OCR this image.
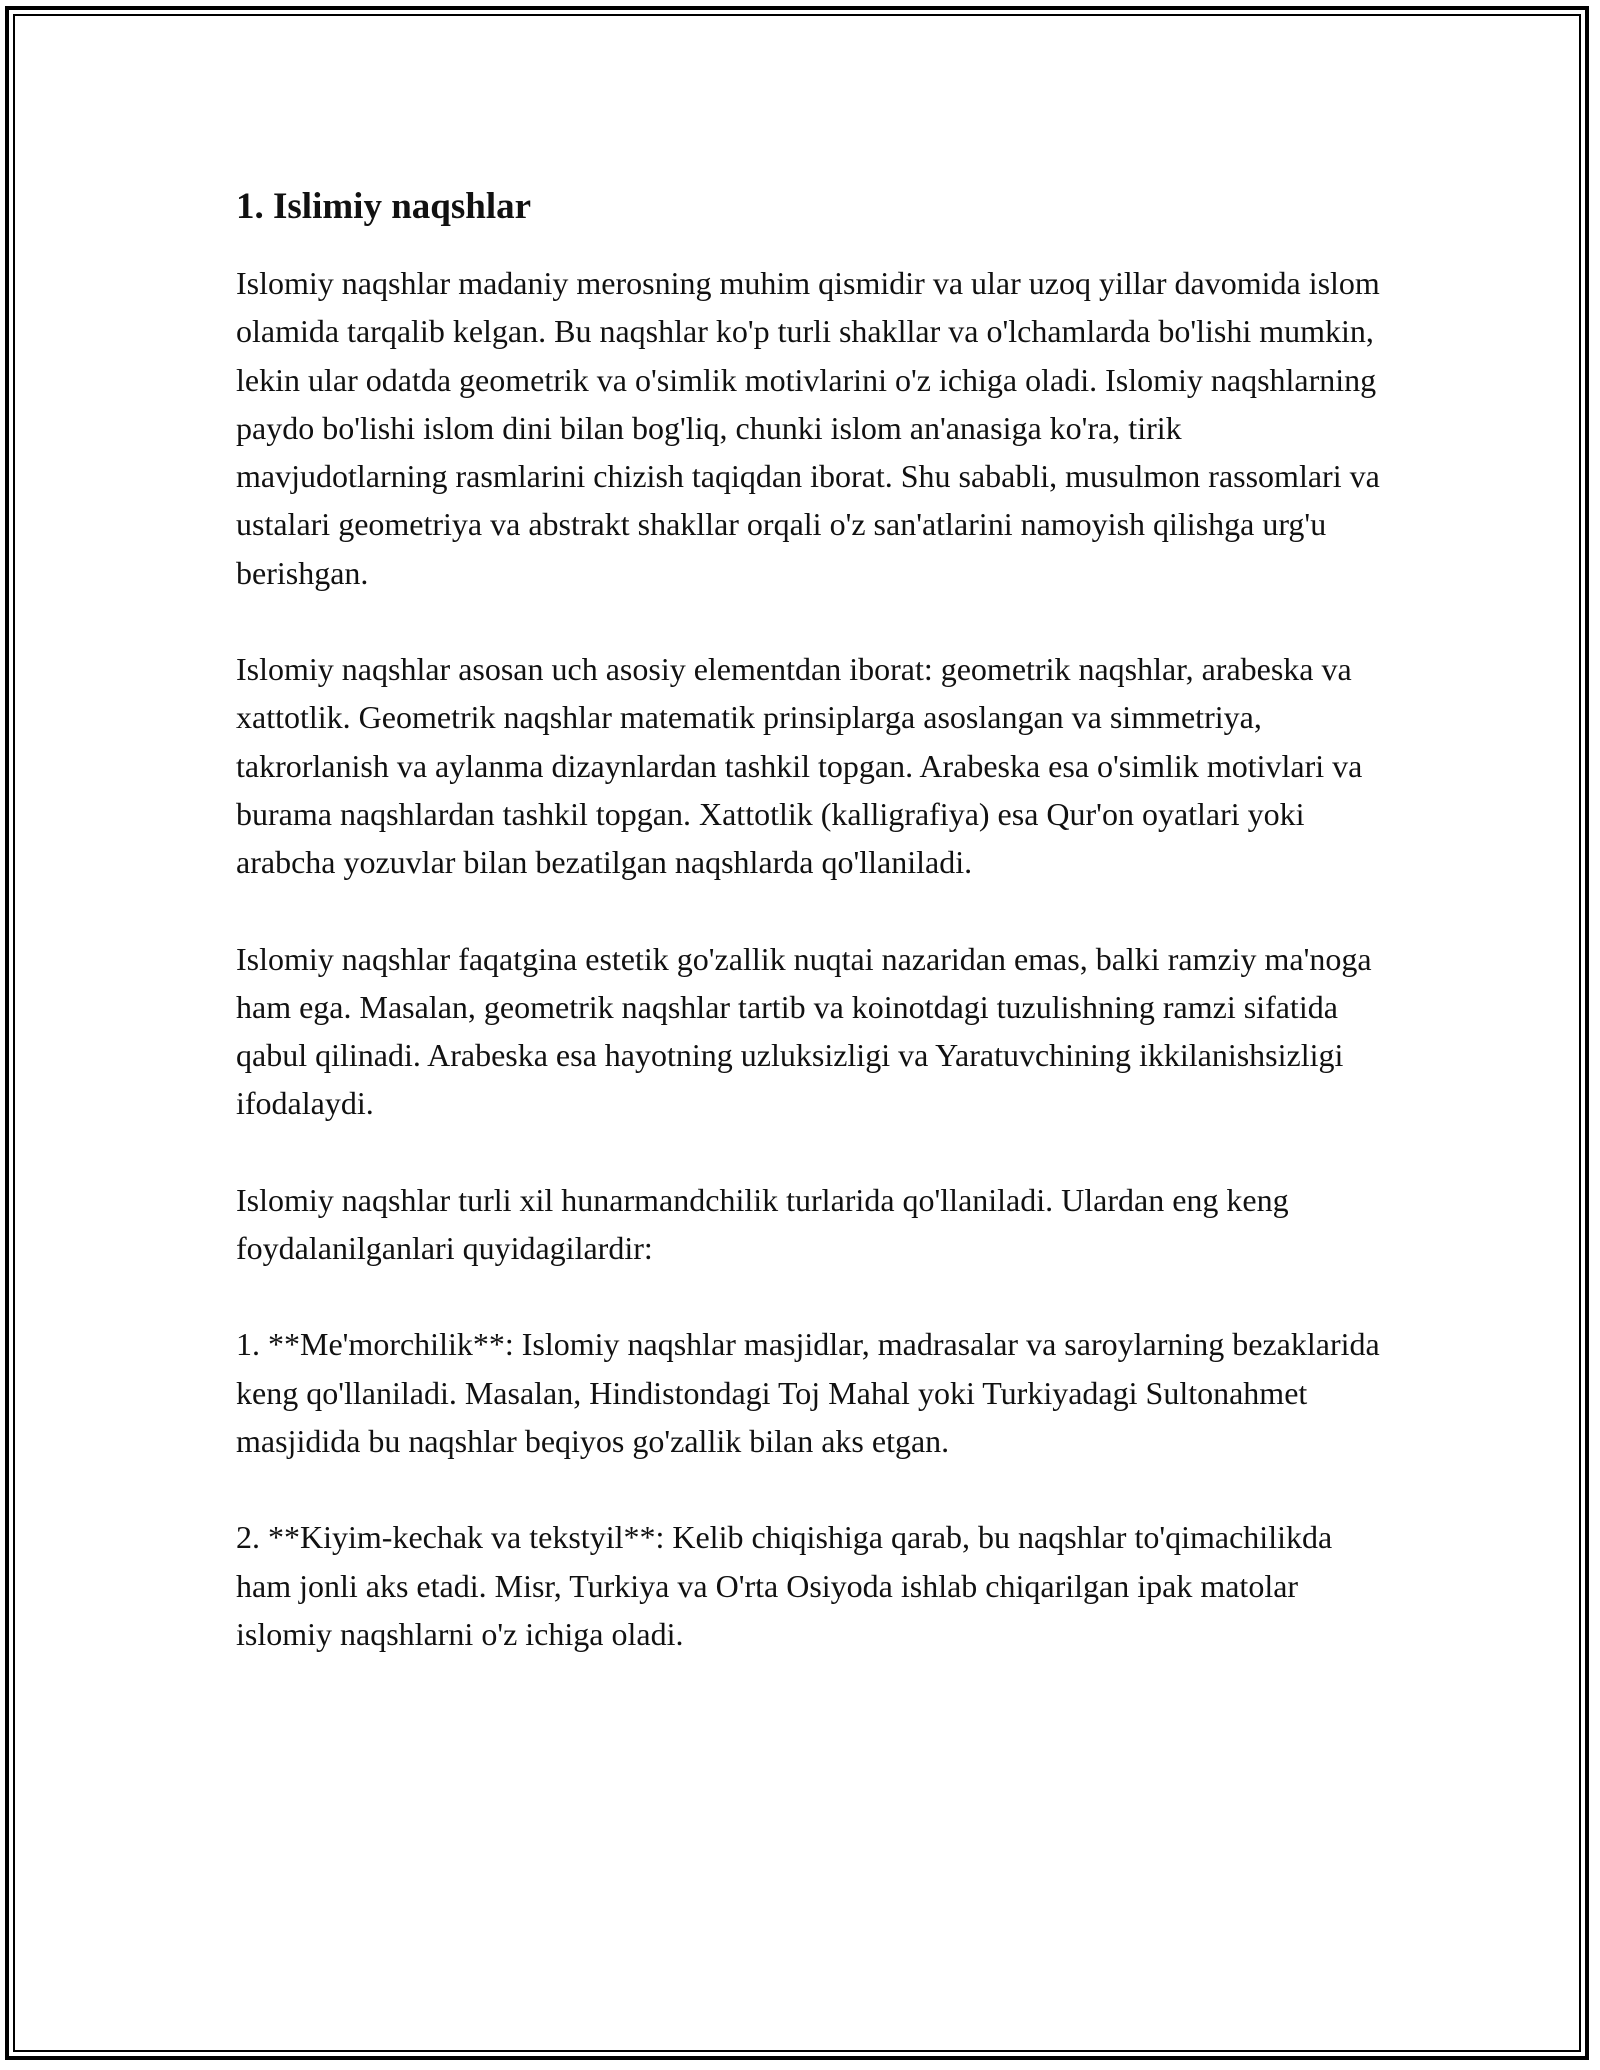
1. Islimiy naqshlar

Islomiy naqshlar madaniy merosning muhim qismidir va ular uzoq yillar davomida islom olamida tarqalib kelgan. Bu naqshlar ko'p turli shakllar va o'lchamlarda bo'lishi mumkin, lekin ular odatda geometrik va o'simlik motivlarini o'z ichiga oladi. Islomiy naqshlarning paydo bo'lishi islom dini bilan bog'liq, chunki islom an'anasiga ko'ra, tirik mavjudotlarning rasmlarini chizish taqiqdan iborat. Shu sababli, musulmon rassomlari va ustalari geometriya va abstrakt shakllar orqali o'z san'atlarini namoyish qilishga urg'u berishgan.

Islomiy naqshlar asosan uch asosiy elementdan iborat: geometrik naqshlar, arabeska va xattotlik. Geometrik naqshlar matematik prinsiplarga asoslangan va simmetriya, takrorlanish va aylanma dizaynlardan tashkil topgan. Arabeska esa o'simlik motivlari va burama naqshlardan tashkil topgan. Xattotlik (kalligrafiya) esa Qur'on oyatlari yoki arabcha yozuvlar bilan bezatilgan naqshlarda qo'llaniladi.

Islomiy naqshlar faqatgina estetik go'zallik nuqtai nazaridan emas, balki ramziy ma'noga ham ega. Masalan, geometrik naqshlar tartib va koinotdagi tuzulishning ramzi sifatida qabul qilinadi. Arabeska esa hayotning uzluksizligi va Yaratuvchining ikkilanishsizligi ifodalaydi.

Islomiy naqshlar turli xil hunarmandchilik turlarida qo'llaniladi. Ulardan eng keng foydalanilganlari quyidagilardir:

1. **Me'morchilik**: Islomiy naqshlar masjidlar, madrasalar va saroylarning bezaklarida keng qo'llaniladi. Masalan, Hindistondagi Toj Mahal yoki Turkiyadagi Sultonahmet masjidida bu naqshlar beqiyos go'zallik bilan aks etgan.

2. **Kiyim-kechak va tekstyil**: Kelib chiqishiga qarab, bu naqshlar to'qimachilikda ham jonli aks etadi. Misr, Turkiya va O'rta Osiyoda ishlab chiqarilgan ipak matolar islomiy naqshlarni o'z ichiga oladi.
